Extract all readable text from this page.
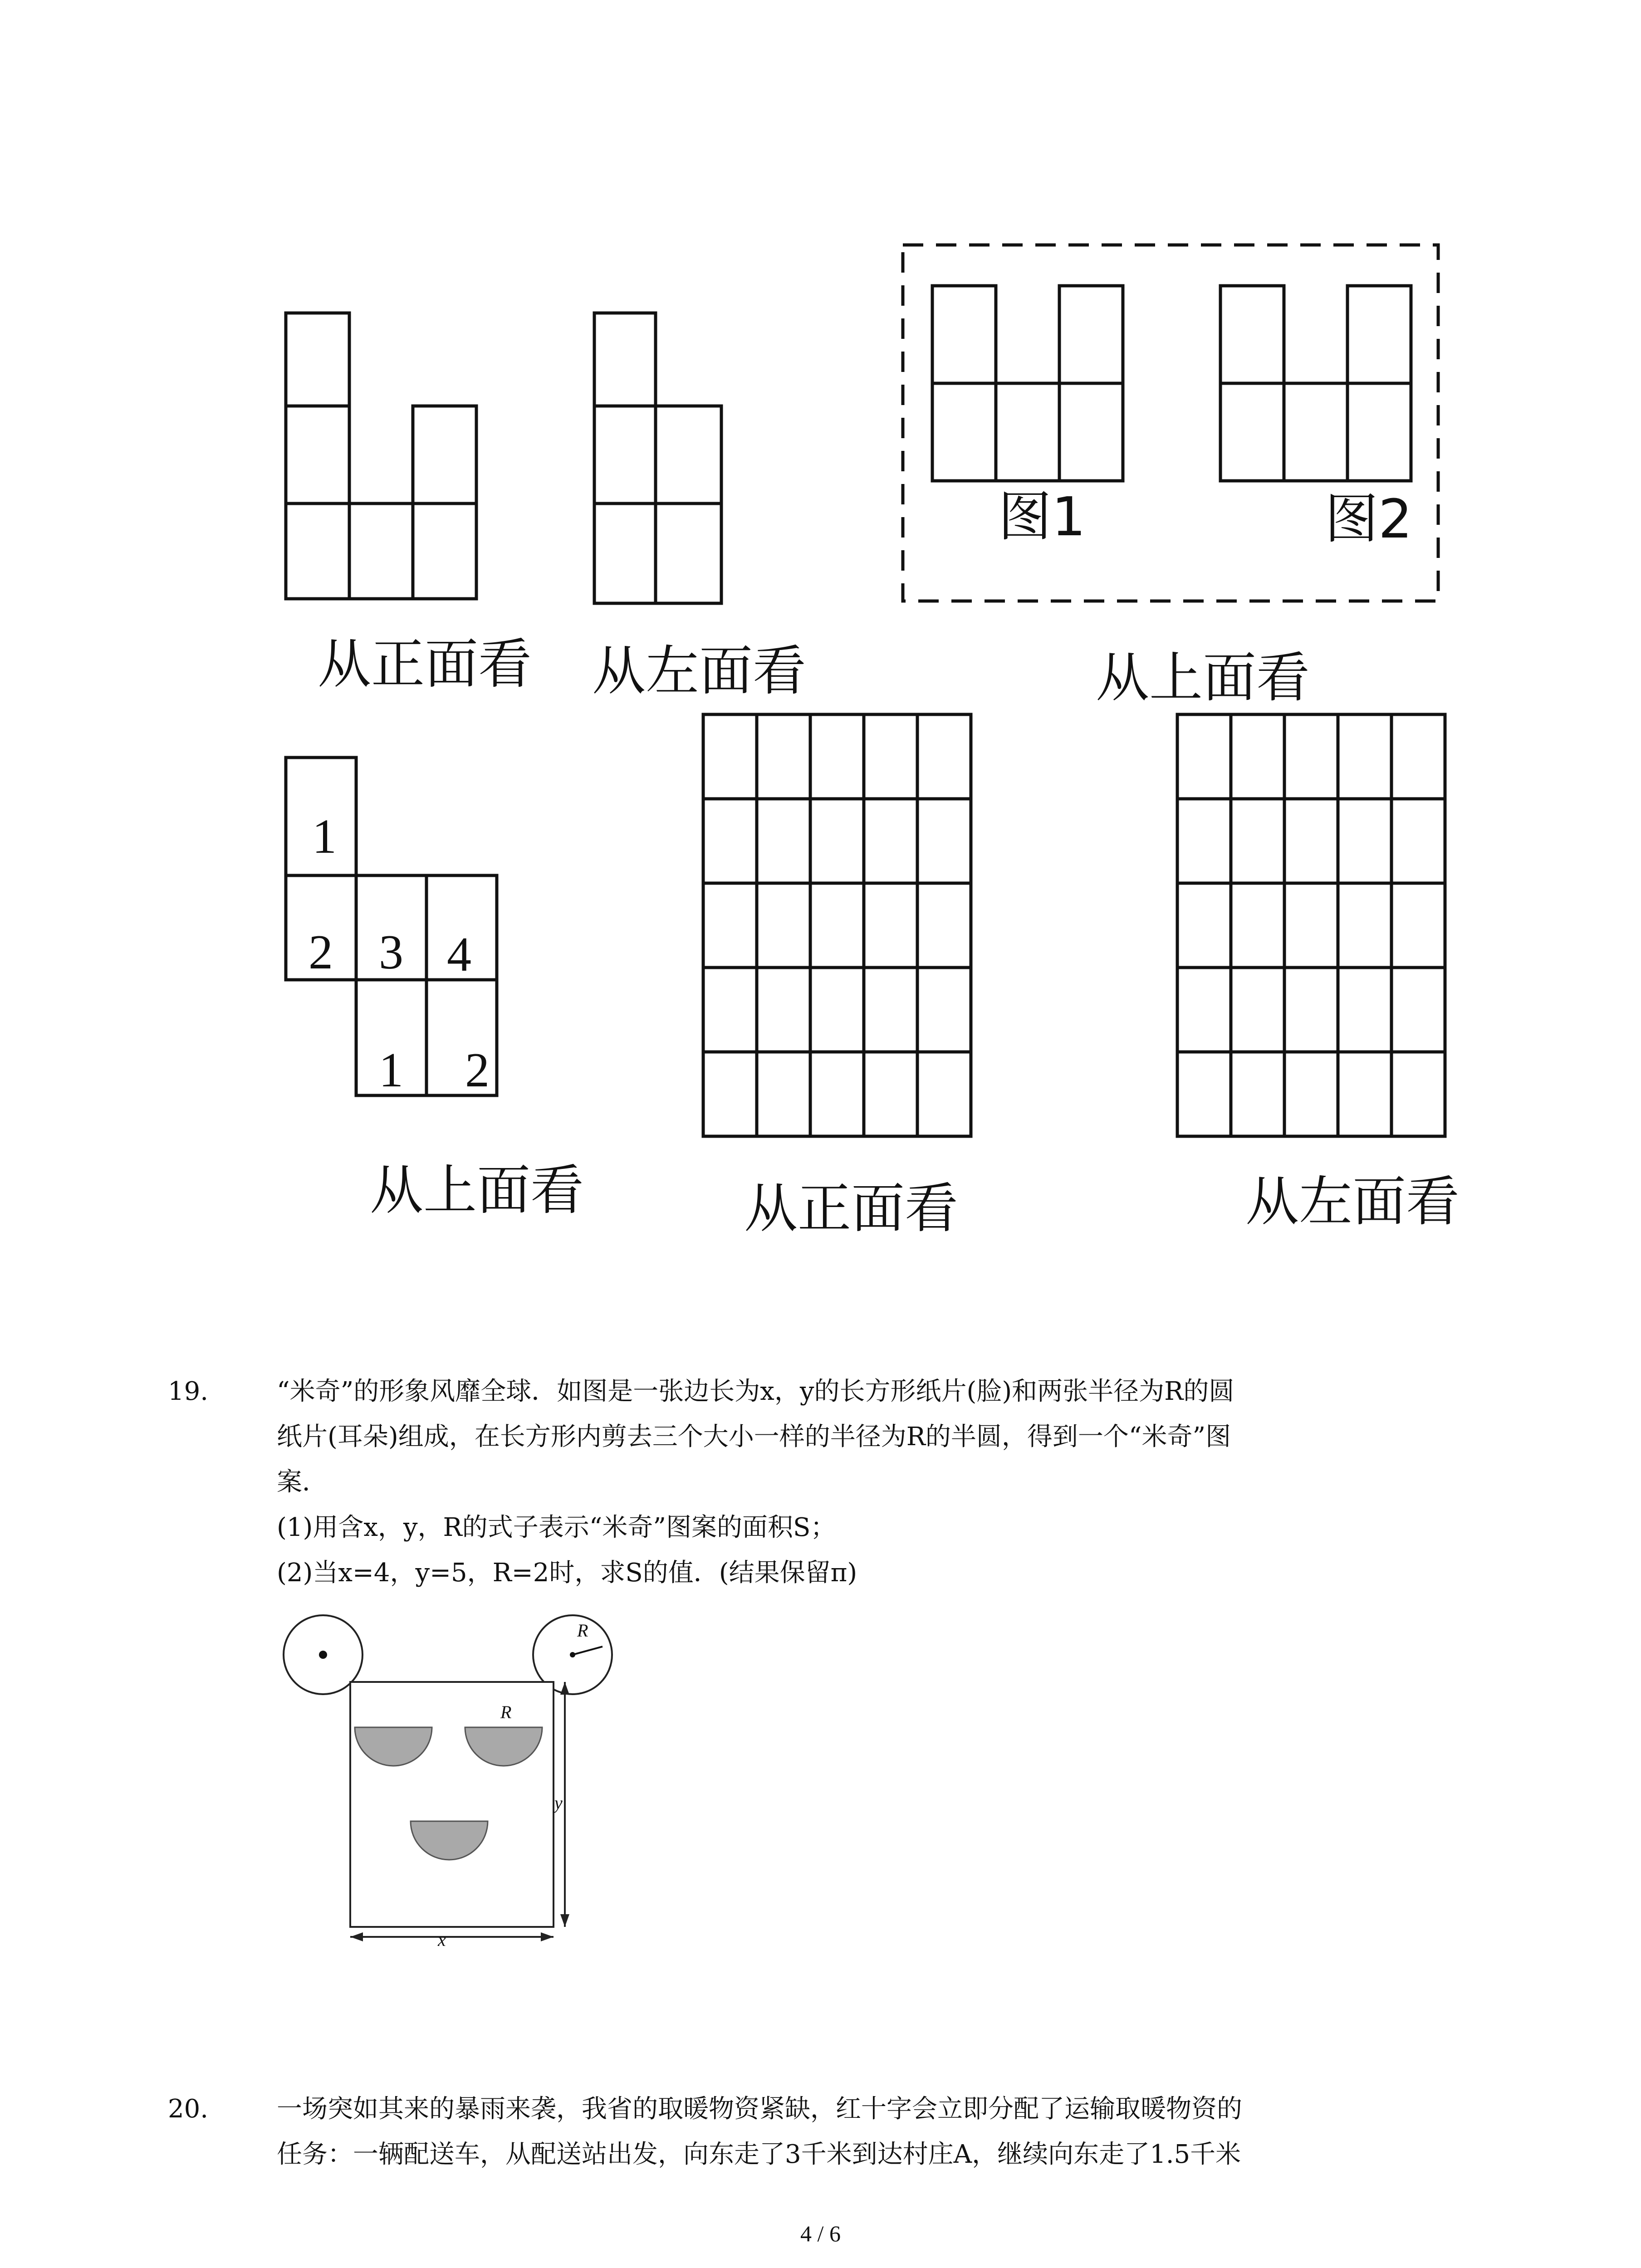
1
2 3 4
1 2
从正面看 从左面看
图1	图2
从上面看
从上面看	从正面看	从左面看
R
R
y
x

19.	“米奇”的形象风靡全球．如图是一张边长为x，y的长方形纸片(脸)和两张半径为R的圆

纸片(耳朵)组成，在长方形内剪去三个大小一样的半径为R的半圆，得到一个“米奇”图

案．

(1)用含x，y，R的式子表示“米奇”图案的面积S；

(2)当x=4，y=5，R=2时，求S的值．(结果保留π)

20.	一场突如其来的暴雨来袭，我省的取暖物资紧缺，红十字会立即分配了运输取暖物资的

任务：一辆配送车，从配送站出发，向东走了3千米到达村庄A，继续向东走了1.5千米

4 / 6
